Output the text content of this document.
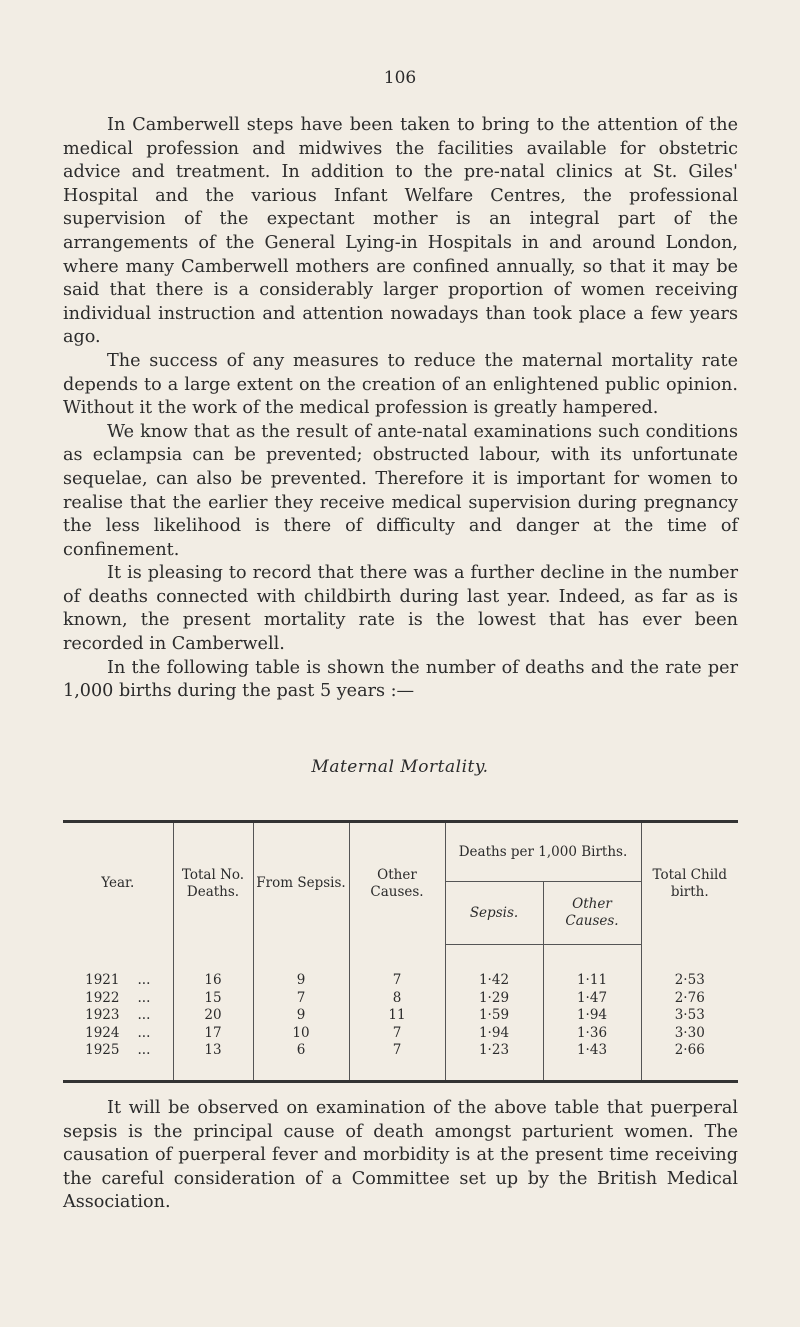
106

In Camberwell steps have been taken to bring to the attention of the medical profession and midwives the facilities available for obstetric advice and treatment. In addition to the pre-natal clinics at St. Giles' Hospital and the various Infant Welfare Centres, the professional supervision of the expectant mother is an integral part of the arrangements of the General Lying-in Hospitals in and around London, where many Camberwell mothers are confined annually, so that it may be said that there is a considerably larger proportion of women receiving individual instruction and attention nowadays than took place a few years ago.

The success of any measures to reduce the maternal mortality rate depends to a large extent on the creation of an enlightened public opinion. Without it the work of the medical profession is greatly hampered.

We know that as the result of ante-natal examinations such conditions as eclampsia can be prevented; obstructed labour, with its unfortunate sequelae, can also be prevented. Therefore it is important for women to realise that the earlier they receive medical supervision during pregnancy the less likelihood is there of difficulty and danger at the time of confinement.

It is pleasing to record that there was a further decline in the number of deaths connected with childbirth during last year. Indeed, as far as is known, the present mortality rate is the lowest that has ever been recorded in Camberwell.

In the following table is shown the number of deaths and the rate per 1,000 births during the past 5 years :—

Maternal Mortality.
Year.	Total No. Deaths.	From Sepsis.	Other Causes.	Deaths per 1,000 Births.		Total Child birth.
				Sepsis.	Other Causes.	

1921 ...	16	9	7	1·42	1·11	2·53
1922 ...	15	7	8	1·29	1·47	2·76
1923 ...	20	9	11	1·59	1·94	3·53
1924 ...	17	10	7	1·94	1·36	3·30
1925 ...	13	6	7	1·23	1·43	2·66

It will be observed on examination of the above table that puerperal sepsis is the principal cause of death amongst parturient women. The causation of puerperal fever and morbidity is at the present time receiving the careful consideration of a Committee set up by the British Medical Association.
